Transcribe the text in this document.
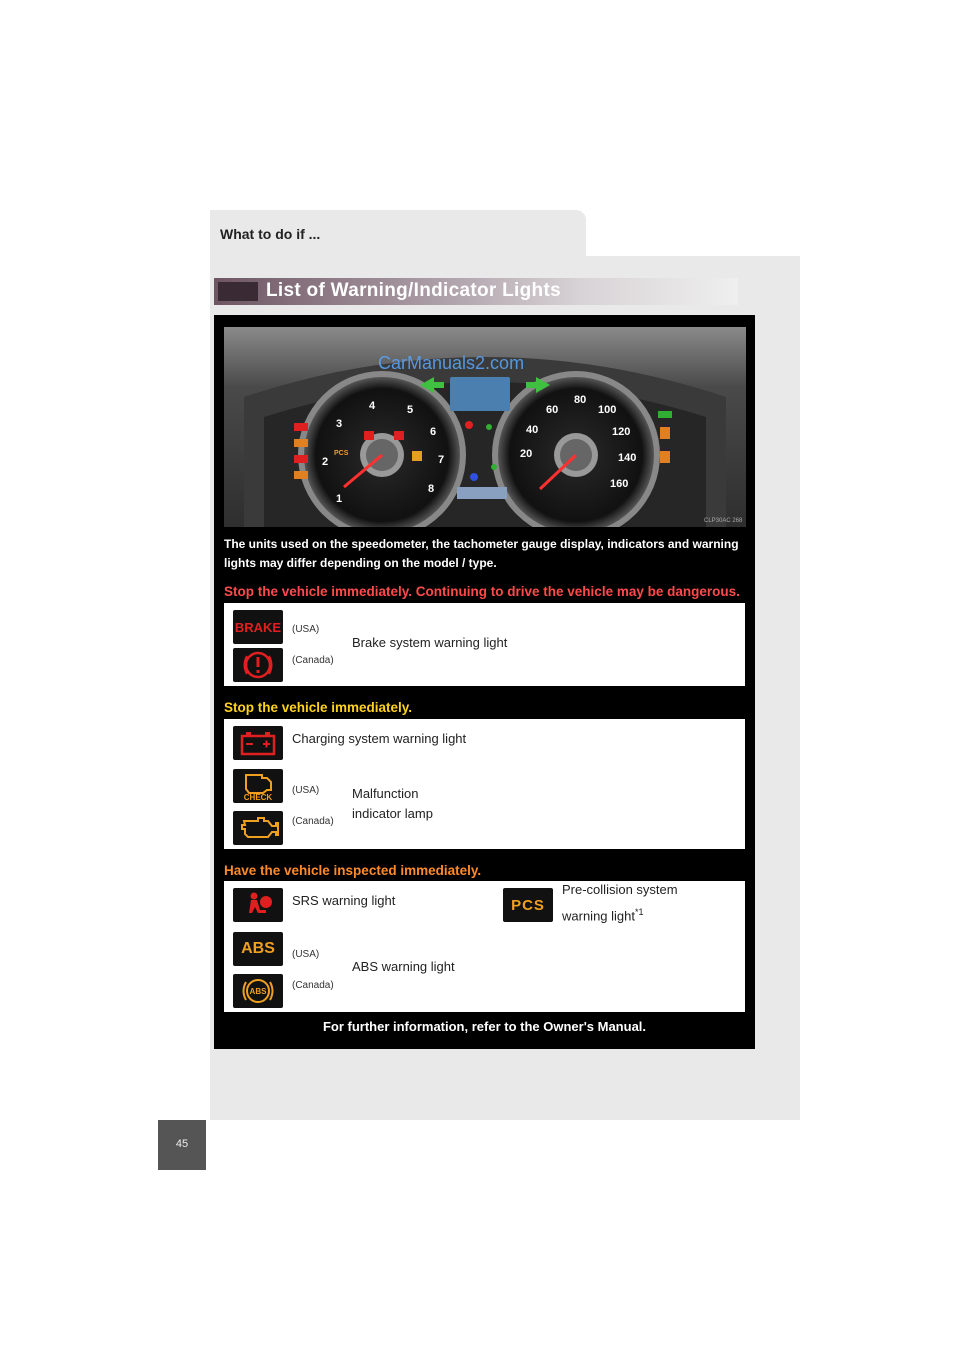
What to do if ...
List of Warning/Indicator Lights
1
2
3
4	5
6
7
8
20
40
60
80
100
120
140
160
PCS
CarManuals2.com
CLP30AC 268
The units used on the speedometer, the tachometer gauge display, indicators and warning lights may differ depending on the model / type.
Stop the vehicle immediately. Continuing to drive the vehicle may be dangerous.
BRAKE (USA)
(Canada)
Brake system warning light
Stop the vehicle immediately.
Charging system warning light
CHECK
(USA)
(Canada)
Malfunction
indicator lamp
Have the vehicle inspected immediately.
SRS warning light	PCS
Pre-collision system
warning light$^{*1}$
ABS
ABS
(USA)
(Canada)
ABS warning light
For further information, refer to the Owner's Manual.
45
